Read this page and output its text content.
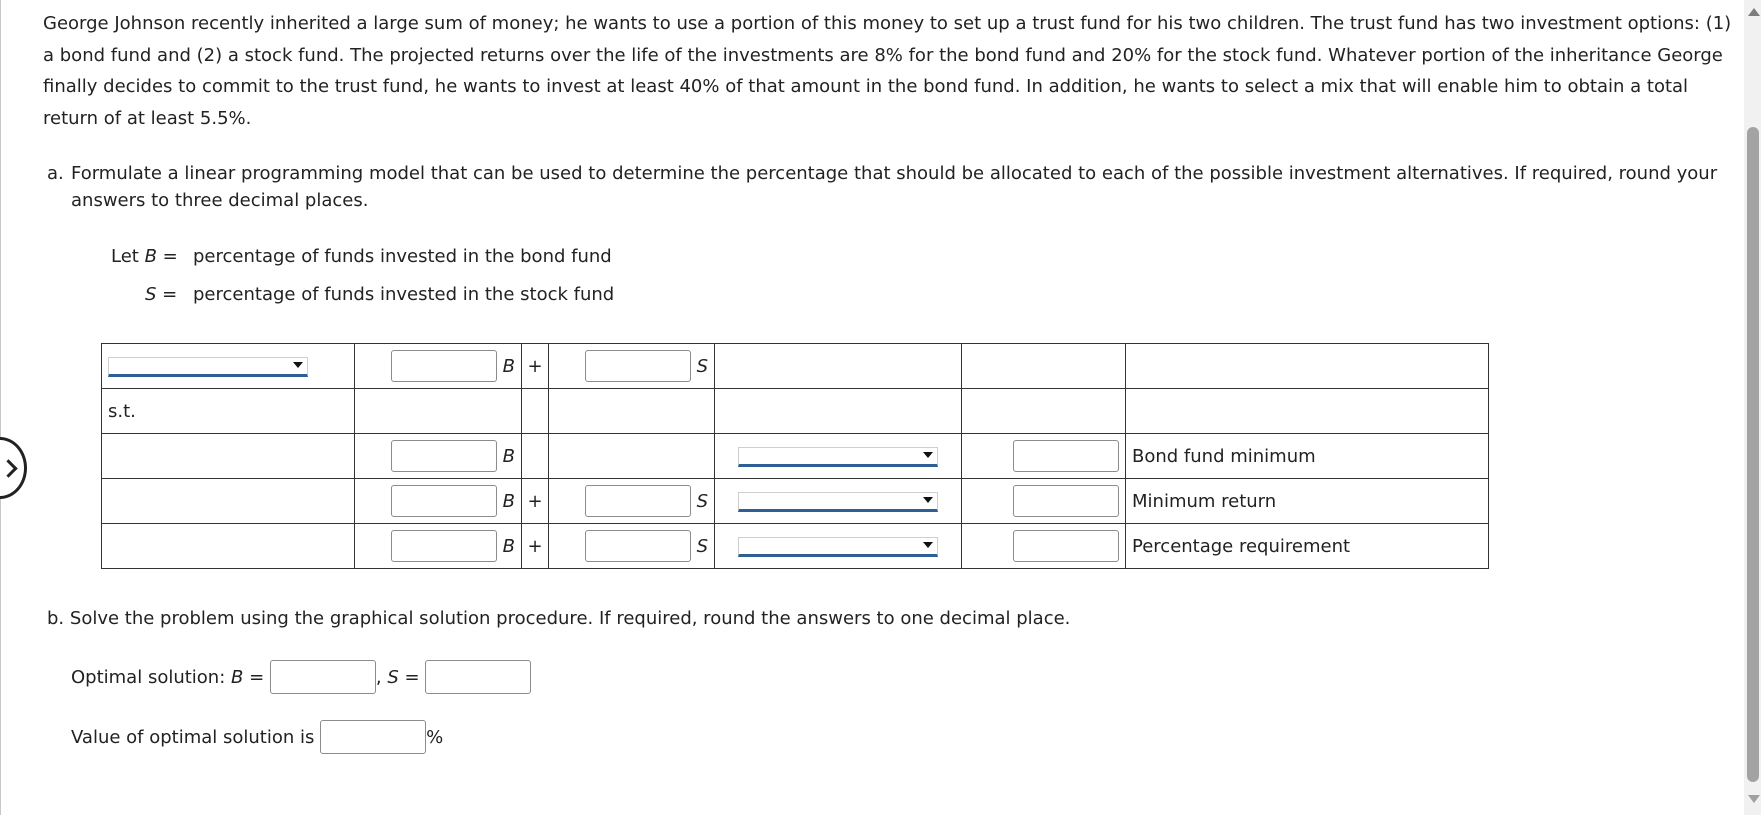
George Johnson recently inherited a large sum of money; he wants to use a portion of this money to set up a trust fund for his two children. The trust fund has two investment options: (1) a bond fund and (2) a stock fund. The projected returns over the life of the investments are 8% for the bond fund and 20% for the stock fund. Whatever portion of the inheritance George finally decides to commit to the trust fund, he wants to invest at least 40% of that amount in the bond fund. In addition, he wants to select a mix that will enable him to obtain a total return of at least 5.5%.

a. Formulate a linear programming model that can be used to determine the percentage that should be allocated to each of the possible investment alternatives. If required, round your answers to three decimal places.
Let B = percentage of funds invested in the bond fund
S = percentage of funds invested in the stock fund

	B	+	S			

s.t.						

	B					Bond fund minimum

	B	+	S			Minimum return

	B	+	S			Percentage requirement
b.
Solve the problem using the graphical solution procedure. If required, round the answers to one decimal place.
Optimal solution:
B =
	,
S =

Value of optimal solution is
	%
